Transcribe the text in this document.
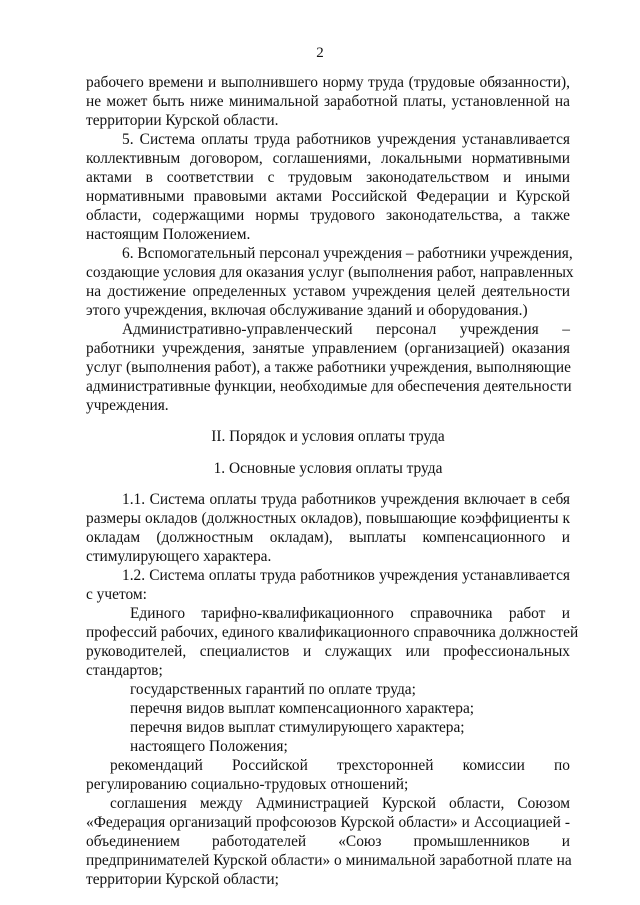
2
рабочего времени и выполнившего норму труда (трудовые обязанности),
не может быть ниже минимальной заработной платы, установленной на
территории Курской области.
5. Система оплаты труда работников учреждения устанавливается
коллективным договором, соглашениями, локальными нормативными
актами в соответствии с трудовым законодательством и иными
нормативными правовыми актами Российской Федерации и Курской
области, содержащими нормы трудового законодательства, а также
настоящим Положением.
6. Вспомогательный персонал учреждения – работники учреждения,
создающие условия для оказания услуг (выполнения работ, направленных
на достижение определенных уставом учреждения целей деятельности
этого учреждения, включая обслуживание зданий и оборудования.)
Административно-управленческий персонал учреждения –
работники учреждения, занятые управлением (организацией) оказания
услуг (выполнения работ), а также работники учреждения, выполняющие
административные функции, необходимые для обеспечения деятельности
учреждения.
II. Порядок и условия оплаты труда
1. Основные условия оплаты труда
1.1. Система оплаты труда работников учреждения включает в себя
размеры окладов (должностных окладов), повышающие коэффициенты к
окладам (должностным окладам), выплаты компенсационного и
стимулирующего характера.
1.2. Система оплаты труда работников учреждения устанавливается
с учетом:
Единого тарифно-квалификационного справочника работ и
профессий рабочих, единого квалификационного справочника должностей
руководителей, специалистов и служащих или профессиональных
стандартов;
государственных гарантий по оплате труда;
перечня видов выплат компенсационного характера;
перечня видов выплат стимулирующего характера;
настоящего Положения;
рекомендаций Российской трехсторонней комиссии по
регулированию социально-трудовых отношений;
соглашения между Администрацией Курской области, Союзом
«Федерация организаций профсоюзов Курской области» и Ассоциацией -
объединением работодателей «Союз промышленников и
предпринимателей Курской области» о минимальной заработной плате на
территории Курской области;
